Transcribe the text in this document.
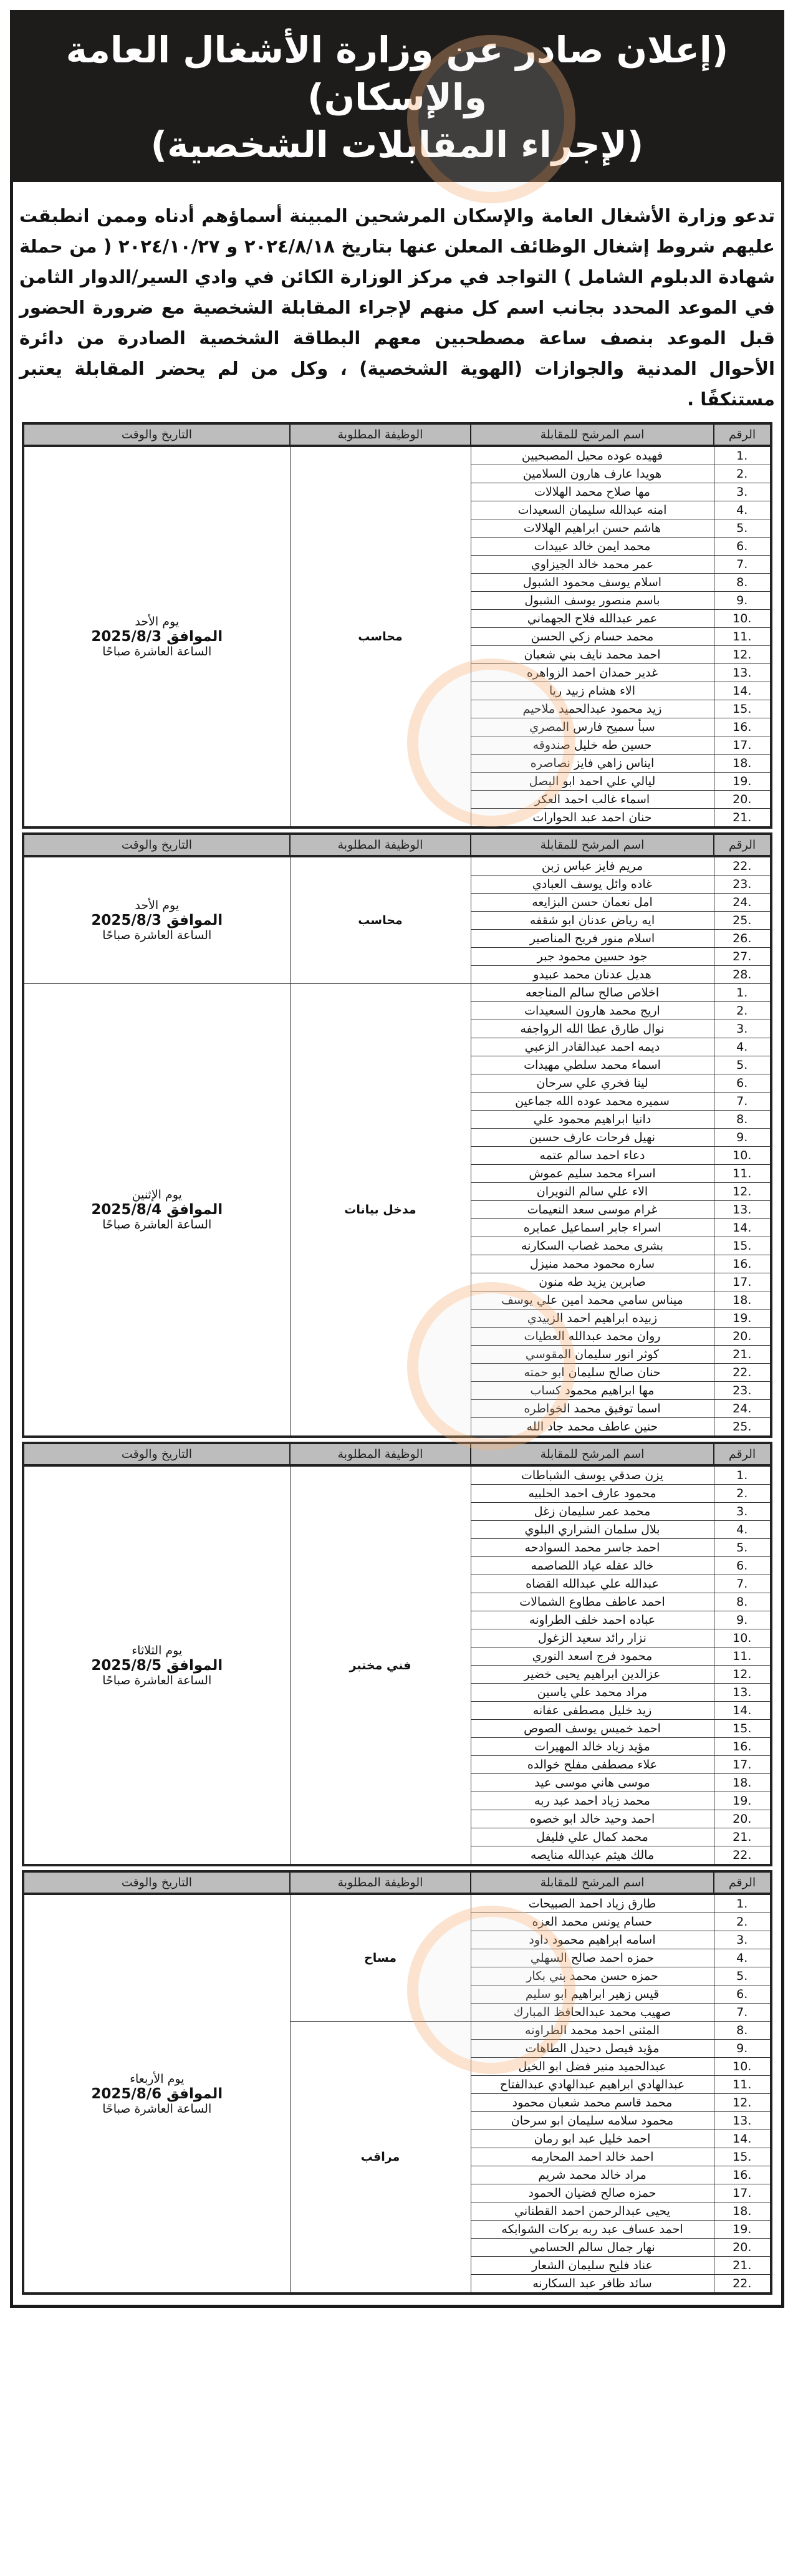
(إعلان صادر عن وزارة الأشغال العامة والإسكان)
(لإجراء المقابلات الشخصية)
تدعو وزارة الأشغال العامة والإسكان المرشحين المبينة أسماؤهم أدناه وممن انطبقت عليهم شروط إشغال الوظائف المعلن عنها بتاريخ ٢٠٢٤/٨/١٨ و ٢٠٢٤/١٠/٢٧ ( من حملة شهادة الدبلوم الشامل ) التواجد في مركز الوزارة الكائن في وادي السير/الدوار الثامن في الموعد المحدد بجانب اسم كل منهم لإجراء المقابلة الشخصية مع ضرورة الحضور قبل الموعد بنصف ساعة مصطحبين معهم البطاقة الشخصية الصادرة من دائرة الأحوال المدنية والجوازات (الهوية الشخصية) ، وكل من لم يحضر المقابلة يعتبر مستنكفًا .
الرقم	اسم المرشح للمقابلة	الوظيفة المطلوبة	التاريخ والوقت
1.	فهيده عوده محيل المصبحيين	محاسب	يوم الأحد
الموافق 2025/8/3
الساعة العاشرة صباحًا

2.	هويدا عارف هارون السلامين		
3.	مها صلاح محمد الهلالات		
4.	امنه عبدالله سليمان السعيدات		
5.	هاشم حسن ابراهيم الهلالات		
6.	محمد ايمن خالد عبيدات		
7.	عمر محمد خالد الجيزاوي		
8.	اسلام يوسف محمود الشبول		
9.	باسم منصور يوسف الشبول		
10.	عمر عبدالله فلاح الجهماني		
11.	محمد حسام زكي الحسن		
12.	احمد محمد نايف بني شعبان		
13.	غدير حمدان احمد الزواهره		
14.	الاء هشام زبيد ريا		
15.	زيد محمود عبدالحميد ملاحيم		
16.	سبأ سميح فارس المصري		
17.	حسين طه خليل صندوقه		
18.	ايناس زاهي فايز نصاصره		
19.	ليالي علي احمد ابو البصل		
20.	اسماء غالب احمد العكر		
21.	حنان احمد عبد الحوارات		
الرقم	اسم المرشح للمقابلة	الوظيفة المطلوبة	التاريخ والوقت
22.	مريم فايز عباس زبن	محاسب	يوم الأحد
الموافق 2025/8/3
الساعة العاشرة صباحًا

23.	غاده وائل يوسف العبادي		
24.	امل نعمان حسن البزايعه		
25.	ايه رياض عدنان ابو شقفه		
26.	اسلام منور فريح المناصير		
27.	جود حسين محمود جبر		
28.	هديل عدنان محمد عبيدو		
1.	اخلاص صالح سالم المناجعه	مدخل بيانات	يوم الإثنين
الموافق 2025/8/4
الساعة العاشرة صباحًا

2.	اريج محمد هارون السعيدات		
3.	نوال طارق عطا الله الرواجفه		
4.	ديمه احمد عبدالقادر الزعبي		
5.	اسماء محمد سلطي مهيدات		
6.	لينا فخري علي سرحان		
7.	سميره محمد عوده الله جماعين		
8.	دانيا ابراهيم محمود علي		
9.	نهيل فرحات عارف حسين		
10.	دعاء احمد سالم عتمه		
11.	اسراء محمد سليم عموش		
12.	الاء علي سالم النويران		
13.	غرام موسى سعد النعيمات		
14.	اسراء جابر اسماعيل عمايره		
15.	بشرى محمد غصاب السكارنه		
16.	ساره محمود محمد منيزل		
17.	صابرين يزيد طه منون		
18.	ميناس سامي محمد امين علي يوسف		
19.	زبيده ابراهيم احمد الزبيدي		
20.	روان محمد عبدالله العطيات		
21.	كوثر انور سليمان المقوسي		
22.	حنان صالح سليمان ابو حمته		
23.	مها ابراهيم محمود كساب		
24.	اسما توفيق محمد الخواطره		
25.	حنين عاطف محمد جاد الله		
الرقم	اسم المرشح للمقابلة	الوظيفة المطلوبة	التاريخ والوقت
1.	يزن صدقي يوسف الشباطات	فني مختبر	يوم الثلاثاء
الموافق 2025/8/5
الساعة العاشرة صباحًا

2.	محمود عارف احمد الحلبيه		
3.	محمد عمر سليمان زغل		
4.	بلال سلمان الشراري البلوي		
5.	احمد جاسر محمد السوادحه		
6.	خالد عقله عياد اللصاصمه		
7.	عبدالله علي عبدالله القضاه		
8.	احمد عاطف مطاوع الشمالات		
9.	عباده احمد خلف الطراونه		
10.	نزار رائد سعيد الزغول		
11.	محمود فرج اسعد النوري		
12.	عزالدين ابراهيم يحيى خضير		
13.	مراد محمد علي ياسين		
14.	زيد خليل مصطفى عفانه		
15.	احمد خميس يوسف الصوص		
16.	مؤيد زياد خالد المهيرات		
17.	علاء مصطفى مفلح خوالده		
18.	موسى هاني موسى عيد		
19.	محمد زياد احمد عبد ربه		
20.	احمد وحيد خالد ابو خصوه		
21.	محمد كمال علي فليفل		
22.	مالك هيثم عبدالله منايصه		
الرقم	اسم المرشح للمقابلة	الوظيفة المطلوبة	التاريخ والوقت
1.	طارق زياد احمد الصبيحات	مساح	يوم الأربعاء
الموافق 2025/8/6
الساعة العاشرة صباحًا

2.	حسام يونس محمد العزه		
3.	اسامه ابراهيم محمود داود		
4.	حمزه احمد صالح السهلي		
5.	حمزه حسن محمد بني بكار		
6.	قيس زهير ابراهيم ابو سليم		
7.	صهيب محمد عبدالحافظ المبارك		
8.	المثنى احمد محمد الطراونه	مراقب	
9.	مؤيد فيصل دحيدل الطاهات		
10.	عبدالحميد منير فضل ابو الخيل		
11.	عبدالهادي ابراهيم عبدالهادي عبدالفتاح		
12.	محمد قاسم محمد شعبان محمود		
13.	محمود سلامه سليمان ابو سرحان		
14.	احمد خليل عبد ابو رمان		
15.	احمد خالد احمد المحارمه		
16.	مراد خالد محمد شريم		
17.	حمزه صالح فضيان الحمود		
18.	يحيى عبدالرحمن احمد القطناني		
19.	احمد عساف عبد ربه بركات الشوابكه		
20.	نهار جمال سالم الحسامي		
21.	عناد فليح سليمان الشعار		
22.	سائد ظافر عبد السكارنه		
